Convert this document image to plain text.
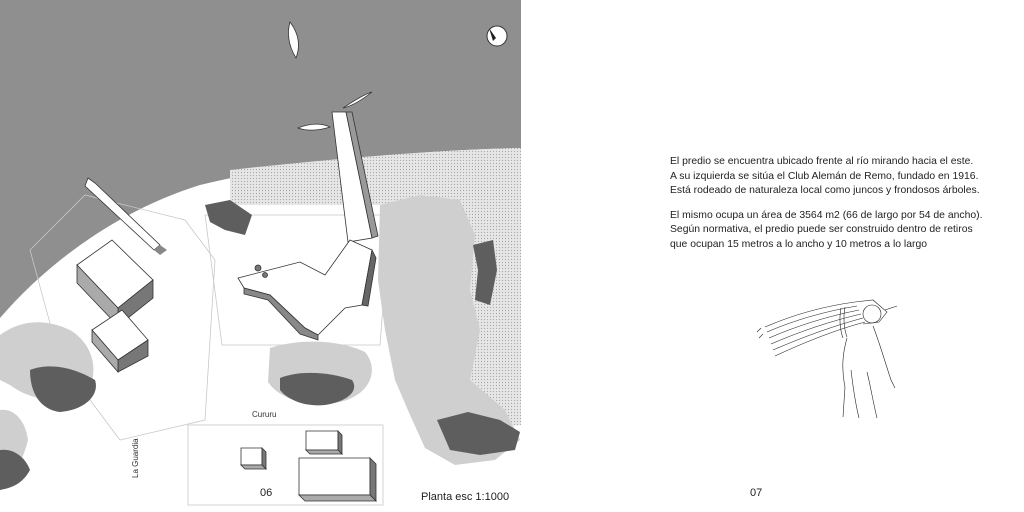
Cururu
La Guardia
Planta esc 1:1000
06

El predio se encuentra ubicado frente al río mirando hacia el este.
A su izquierda se sitúa el Club Alemán de Remo, fundado en 1916.
Está rodeado de naturaleza local como juncos y frondosos árboles.

El mismo ocupa un área de 3564 m2 (66 de largo por 54 de ancho).
Según normativa, el predio puede ser construido dentro de retiros
que ocupan 15 metros a lo ancho y 10 metros a lo largo

07
